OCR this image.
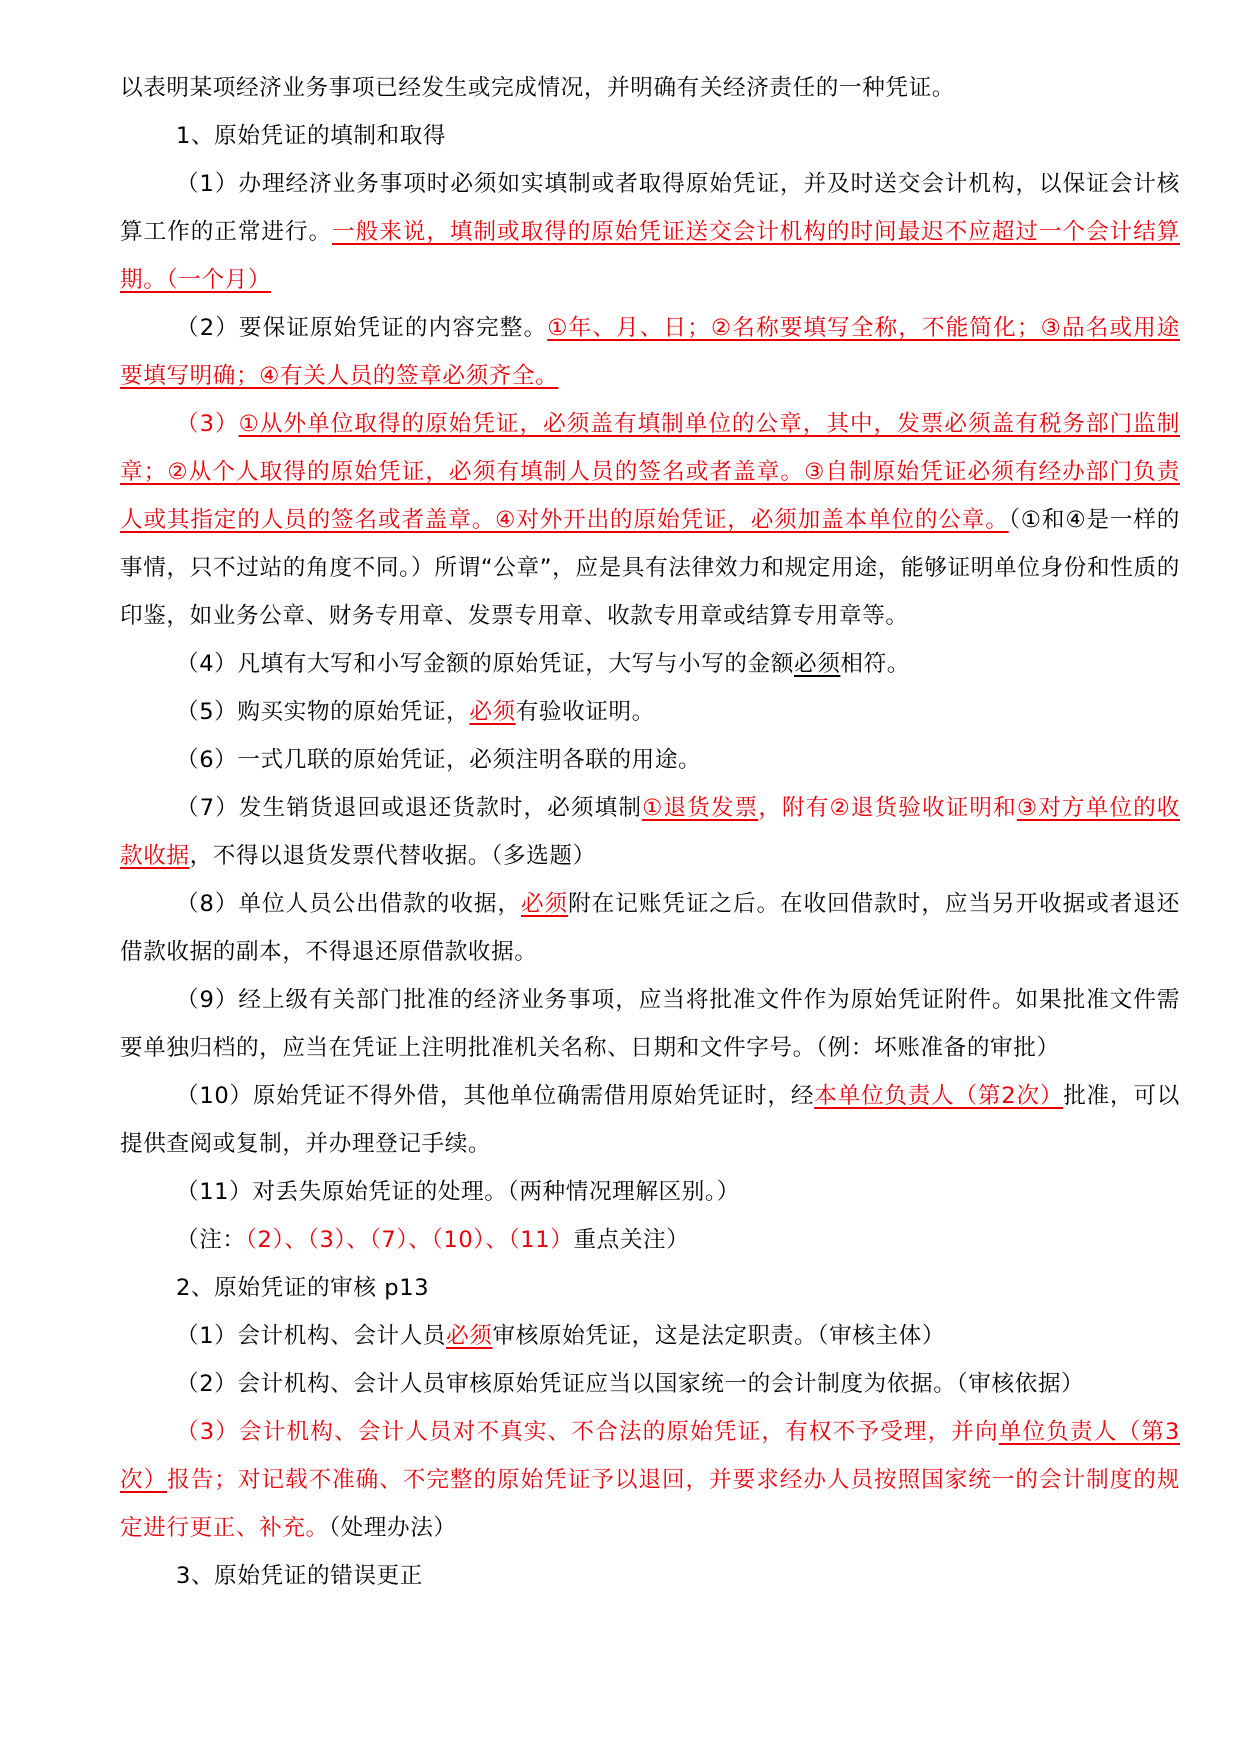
以表明某项经济业务事项已经发生或完成情况，并明确有关经济责任的一种凭证。

1、原始凭证的填制和取得

（1）办理经济业务事项时必须如实填制或者取得原始凭证，并及时送交会计机构，以保证会计核算工作的正常进行。一般来说，填制或取得的原始凭证送交会计机构的时间最迟不应超过一个会计结算期。（一个月）

（2）要保证原始凭证的内容完整。①年、月、日；②名称要填写全称，不能简化；③品名或用途要填写明确；④有关人员的签章必须齐全。

（3）①从外单位取得的原始凭证，必须盖有填制单位的公章，其中，发票必须盖有税务部门监制章；②从个人取得的原始凭证，必须有填制人员的签名或者盖章。③自制原始凭证必须有经办部门负责人或其指定的人员的签名或者盖章。④对外开出的原始凭证，必须加盖本单位的公章。（①和④是一样的事情，只不过站的角度不同。）所谓“公章”，应是具有法律效力和规定用途，能够证明单位身份和性质的印鉴，如业务公章、财务专用章、发票专用章、收款专用章或结算专用章等。

（4）凡填有大写和小写金额的原始凭证，大写与小写的金额必须相符。

（5）购买实物的原始凭证，必须有验收证明。

（6）一式几联的原始凭证，必须注明各联的用途。

（7）发生销货退回或退还货款时，必须填制①退货发票，附有②退货验收证明和③对方单位的收款收据，不得以退货发票代替收据。（多选题）

（8）单位人员公出借款的收据，必须附在记账凭证之后。在收回借款时，应当另开收据或者退还借款收据的副本，不得退还原借款收据。

（9）经上级有关部门批准的经济业务事项，应当将批准文件作为原始凭证附件。如果批准文件需要单独归档的，应当在凭证上注明批准机关名称、日期和文件字号。（例：坏账准备的审批）

（10）原始凭证不得外借，其他单位确需借用原始凭证时，经本单位负责人（第2次）批准，可以提供查阅或复制，并办理登记手续。

（11）对丢失原始凭证的处理。（两种情况理解区别。）

（注：（2）、（3）、（7）、（10）、（11）重点关注）

2、原始凭证的审核 p13

（1）会计机构、会计人员必须审核原始凭证，这是法定职责。（审核主体）

（2）会计机构、会计人员审核原始凭证应当以国家统一的会计制度为依据。（审核依据）

（3）会计机构、会计人员对不真实、不合法的原始凭证，有权不予受理，并向单位负责人（第3次）报告；对记载不准确、不完整的原始凭证予以退回，并要求经办人员按照国家统一的会计制度的规定进行更正、补充。（处理办法）

3、原始凭证的错误更正
